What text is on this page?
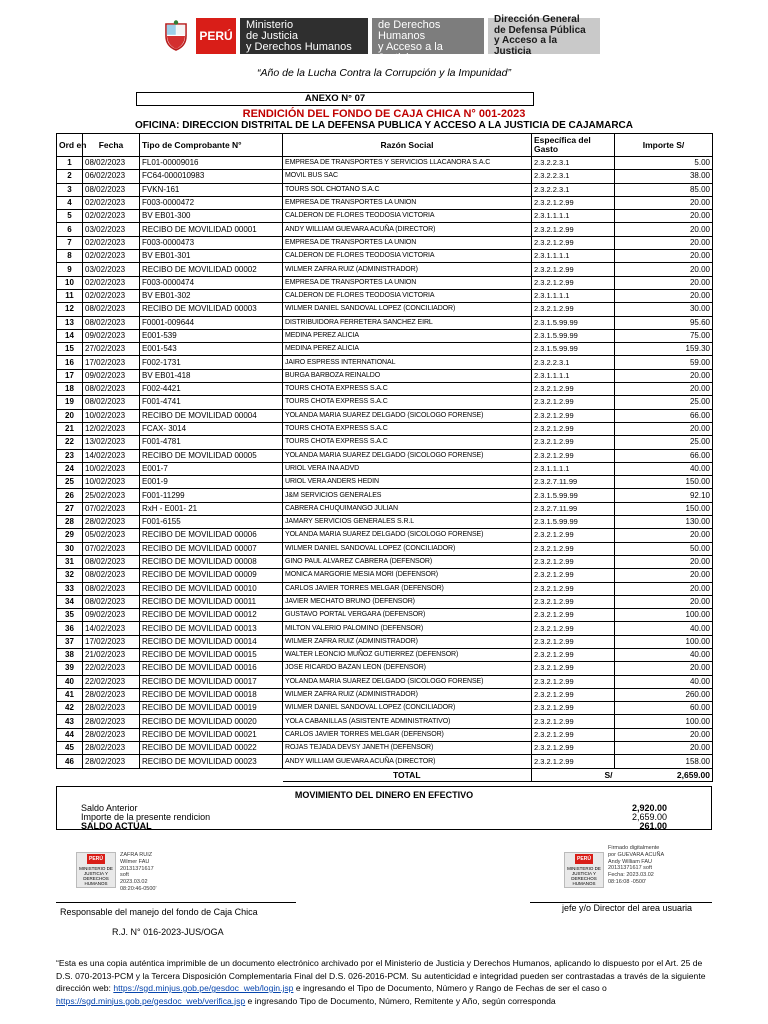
PERÚ
Ministerio
de Justicia
y Derechos Humanos
Viceministerio
de Derechos Humanos
y Acceso a la Justicia
Dirección General
de Defensa Pública
y Acceso a la Justicia
“Año de la Lucha Contra la Corrupción y la Impunidad”
ANEXO N° 07
RENDICIÓN DEL FONDO DE CAJA CHICA N° 001-2023
OFICINA: DIRECCION DISTRITAL DE LA DEFENSA PUBLICA Y ACCESO A LA JUSTICIA DE CAJAMARCA
Ord en	Fecha	Tipo de Comprobante N°	Razón Social	Específica del Gasto	Importe S/
1	08/02/2023	FL01-00009016	EMPRESA DE TRANSPORTES Y SERVICIOS LLACANORA S.A.C	2.3.2.2.3.1	5.00
2	06/02/2023	FC64-000010983	MOVIL BUS SAC	2.3.2.2.3.1	38.00
3	08/02/2023	FVKN-161	TOURS SOL CHOTANO S.A.C	2.3.2.2.3.1	85.00
4	02/02/2023	F003-0000472	EMPRESA DE TRANSPORTES LA UNION	2.3.2.1.2.99	20.00
5	02/02/2023	BV EB01-300	CALDERON DE FLORES TEODOSIA VICTORIA	2.3.1.1.1.1	20.00
6	03/02/2023	RECIBO DE MOVILIDAD 00001	ANDY WILLIAM GUEVARA ACUÑA (DIRECTOR)	2.3.2.1.2.99	20.00
7	02/02/2023	F003-0000473	EMPRESA DE TRANSPORTES LA UNION	2.3.2.1.2.99	20.00
8	02/02/2023	BV EB01-301	CALDERON DE FLORES TEODOSIA VICTORIA	2.3.1.1.1.1	20.00
9	03/02/2023	RECIBO DE MOVILIDAD 00002	WILMER ZAFRA RUIZ (ADMINISTRADOR)	2.3.2.1.2.99	20.00
10	02/02/2023	F003-0000474	EMPRESA DE TRANSPORTES LA UNION	2.3.2.1.2.99	20.00
11	02/02/2023	BV EB01-302	CALDERON DE FLORES TEODOSIA VICTORIA	2.3.1.1.1.1	20.00
12	08/02/2023	RECIBO DE MOVILIDAD 00003	WILMER DANIEL SANDOVAL LOPEZ (CONCILIADOR)	2.3.2.1.2.99	30.00
13	08/02/2023	F0001-009644	DISTRIBUIDORA FERRETERA SANCHEZ EIRL	2.3.1.5.99.99	95.60
14	09/02/2023	E001-539	MEDINA PEREZ ALICIA	2.3.1.5.99.99	75.00
15	27/02/2023	E001-543	MEDINA PEREZ ALICIA	2.3.1.5.99.99	159.30
16	17/02/2023	F002-1731	JAIRO ESPRESS INTERNATIONAL	2.3.2.2.3.1	59.00
17	09/02/2023	BV EB01-418	BURGA BARBOZA REINALDO	2.3.1.1.1.1	20.00
18	08/02/2023	F002-4421	TOURS CHOTA EXPRESS S.A.C	2.3.2.1.2.99	20.00
19	08/02/2023	F001-4741	TOURS CHOTA EXPRESS S.A.C	2.3.2.1.2.99	25.00
20	10/02/2023	RECIBO DE MOVILIDAD 00004	YOLANDA MARIA SUAREZ DELGADO (SICOLOGO FORENSE)	2.3.2.1.2.99	66.00
21	12/02/2023	FCAX- 3014	TOURS CHOTA EXPRESS S.A.C	2.3.2.1.2.99	20.00
22	13/02/2023	F001-4781	TOURS CHOTA EXPRESS S.A.C	2.3.2.1.2.99	25.00
23	14/02/2023	RECIBO DE MOVILIDAD 00005	YOLANDA MARIA SUAREZ DELGADO (SICOLOGO FORENSE)	2.3.2.1.2.99	66.00
24	10/02/2023	E001-7	URIOL VERA INA ADVD	2.3.1.1.1.1	40.00
25	10/02/2023	E001-9	URIOL VERA ANDERS HEDIN	2.3.2.7.11.99	150.00
26	25/02/2023	F001-11299	J&M SERVICIOS GENERALES	2.3.1.5.99.99	92.10
27	07/02/2023	RxH - E001- 21	CABRERA CHUQUIMANGO JULIAN	2.3.2.7.11.99	150.00
28	28/02/2023	F001-6155	JAMARY SERVICIOS GENERALES S.R.L	2.3.1.5.99.99	130.00
29	05/02/2023	RECIBO DE MOVILIDAD 00006	YOLANDA MARIA SUAREZ DELGADO (SICOLOGO FORENSE)	2.3.2.1.2.99	20.00
30	07/02/2023	RECIBO DE MOVILIDAD 00007	WILMER DANIEL SANDOVAL LOPEZ (CONCILIADOR)	2.3.2.1.2.99	50.00
31	08/02/2023	RECIBO DE MOVILIDAD 00008	GINO PAUL ALVAREZ CABRERA (DEFENSOR)	2.3.2.1.2.99	20.00
32	08/02/2023	RECIBO DE MOVILIDAD 00009	MONICA MARGORIE MESIA MORI (DEFENSOR)	2.3.2.1.2.99	20.00
33	08/02/2023	RECIBO DE MOVILIDAD 00010	CARLOS JAVIER TORRES MELGAR (DEFENSOR)	2.3.2.1.2.99	20.00
34	08/02/2023	RECIBO DE MOVILIDAD 00011	JAVIER MECHATO BRUNO (DEFENSOR)	2.3.2.1.2.99	20.00
35	09/02/2023	RECIBO DE MOVILIDAD 00012	GUSTAVO PORTAL VERGARA (DEFENSOR)	2.3.2.1.2.99	100.00
36	14/02/2023	RECIBO DE MOVILIDAD 00013	MILTON VALERIO PALOMINO (DEFENSOR)	2.3.2.1.2.99	40.00
37	17/02/2023	RECIBO DE MOVILIDAD 00014	WILMER ZAFRA RUIZ (ADMINISTRADOR)	2.3.2.1.2.99	100.00
38	21/02/2023	RECIBO DE MOVILIDAD 00015	WALTER LEONCIO MUÑOZ GUTIERREZ (DEFENSOR)	2.3.2.1.2.99	40.00
39	22/02/2023	RECIBO DE MOVILIDAD 00016	JOSE RICARDO BAZAN LEON (DEFENSOR)	2.3.2.1.2.99	20.00
40	22/02/2023	RECIBO DE MOVILIDAD 00017	YOLANDA MARIA SUAREZ DELGADO (SICOLOGO FORENSE)	2.3.2.1.2.99	40.00
41	28/02/2023	RECIBO DE MOVILIDAD 00018	WILMER ZAFRA RUIZ (ADMINISTRADOR)	2.3.2.1.2.99	260.00
42	28/02/2023	RECIBO DE MOVILIDAD 00019	WILMER DANIEL SANDOVAL LOPEZ (CONCILIADOR)	2.3.2.1.2.99	60.00
43	28/02/2023	RECIBO DE MOVILIDAD 00020	YOLA CABANILLAS (ASISTENTE ADMINISTRATIVO)	2.3.2.1.2.99	100.00
44	28/02/2023	RECIBO DE MOVILIDAD 00021	CARLOS JAVIER TORRES MELGAR (DEFENSOR)	2.3.2.1.2.99	20.00
45	28/02/2023	RECIBO DE MOVILIDAD 00022	ROJAS TEJADA DEVSY JANETH (DEFENSOR)	2.3.2.1.2.99	20.00
46	28/02/2023	RECIBO DE MOVILIDAD 00023	ANDY WILLIAM GUEVARA ACUÑA (DIRECTOR)	2.3.2.1.2.99	158.00
			TOTAL	S/	2,659.00
MOVIMIENTO DEL DINERO EN EFECTIVO
Saldo Anterior	2,920.00
Importe de la presente rendicion	2,659.00
SALDO ACTUAL	261.00
PERÚ
MINISTERIO DE JUSTICIA Y DERECHOS HUMANOS
ZAFRA RUIZ
Wilmer FAU
20131371617
soft
2023.03.02
08:20:46-0500'
PERÚ
MINISTERIO DE JUSTICIA Y DERECHOS HUMANOS
Firmado digitalmente
por GUEVARA ACUÑA
Andy William FAU
20131371617 soft
Fecha: 2023.03.02
08:16:08 -0500'
Responsable del manejo del fondo de Caja Chica
R.J. N° 016-2023-JUS/OGA
jefe y/o Director del area usuaria
“Esta es una copia auténtica imprimible de un documento electrónico archivado por el Ministerio de Justicia y Derechos Humanos, aplicando lo dispuesto por el Art. 25 de D.S. 070-2013-PCM y la Tercera Disposición Complementaria Final del D.S. 026-2016-PCM. Su autenticidad e integridad pueden ser contrastadas a través de la siguiente dirección web: https://sgd.minjus.gob.pe/gesdoc_web/login.jsp e ingresando el Tipo de Documento, Número y Rango de Fechas de ser el caso o https://sgd.minjus.gob.pe/gesdoc_web/verifica.jsp e ingresando Tipo de Documento, Número, Remitente y Año, según corresponda
